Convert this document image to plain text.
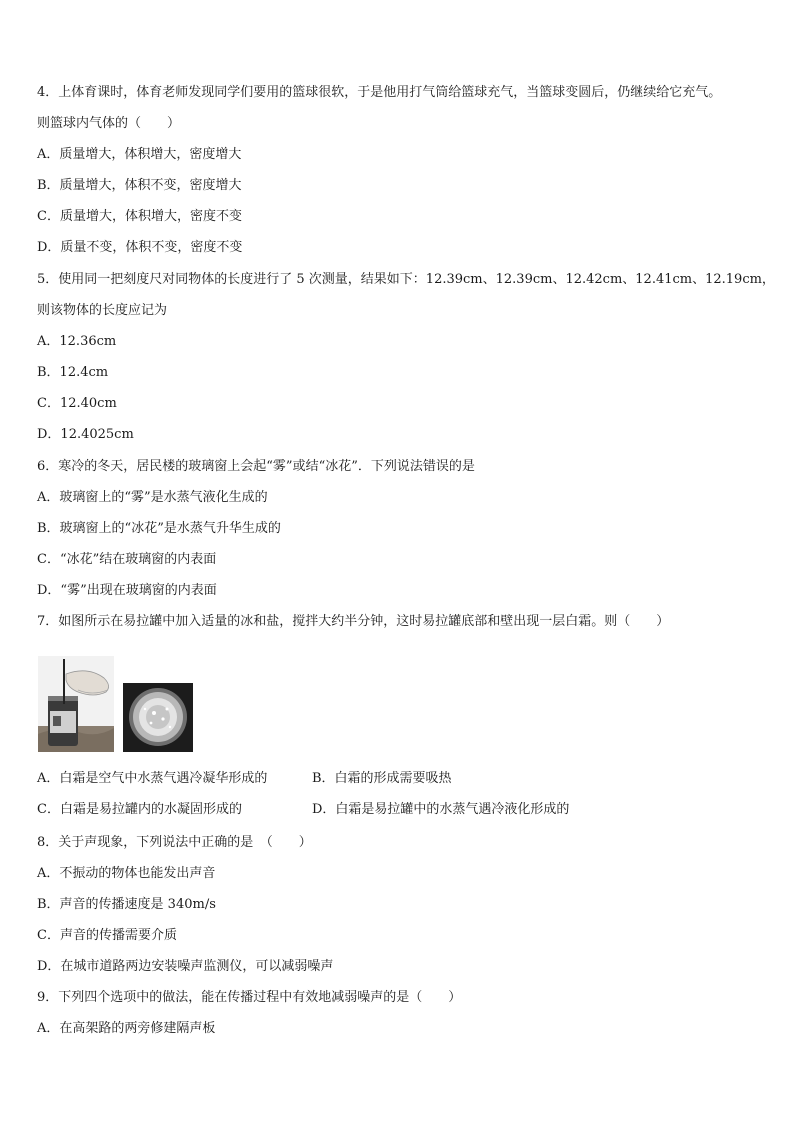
4．上体育课时，体育老师发现同学们要用的篮球很软，于是他用打气筒给篮球充气，当篮球变圆后，仍继续给它充气。
则篮球内气体的（　　）
A．质量增大，体积增大，密度增大
B．质量增大，体积不变，密度增大
C．质量增大，体积增大，密度不变
D．质量不变，体积不变，密度不变
5．使用同一把刻度尺对同物体的长度进行了 5 次测量，结果如下：12.39cm、12.39cm、12.42cm、12.41cm、12.19cm，
则该物体的长度应记为
A．12.36cm
B．12.4cm
C．12.40cm
D．12.4025cm
6．寒冷的冬天，居民楼的玻璃窗上会起“雾”或结“冰花”．下列说法错误的是
A．玻璃窗上的“雾”是水蒸气液化生成的
B．玻璃窗上的“冰花”是水蒸气升华生成的
C．“冰花”结在玻璃窗的内表面
D．“雾”出现在玻璃窗的内表面
7．如图所示在易拉罐中加入适量的冰和盐，搅拌大约半分钟，这时易拉罐底部和壁出现一层白霜。则（　　）
A．白霜是空气中水蒸气遇冷凝华形成的	B．白霜的形成需要吸热
C．白霜是易拉罐内的水凝固形成的	D．白霜是易拉罐中的水蒸气遇冷液化形成的
8．关于声现象，下列说法中正确的是　（　　）
A．不振动的物体也能发出声音
B．声音的传播速度是 340m/s
C．声音的传播需要介质
D．在城市道路两边安装噪声监测仪，可以减弱噪声
9．下列四个选项中的做法，能在传播过程中有效地减弱噪声的是（　　）
A．在高架路的两旁修建隔声板
